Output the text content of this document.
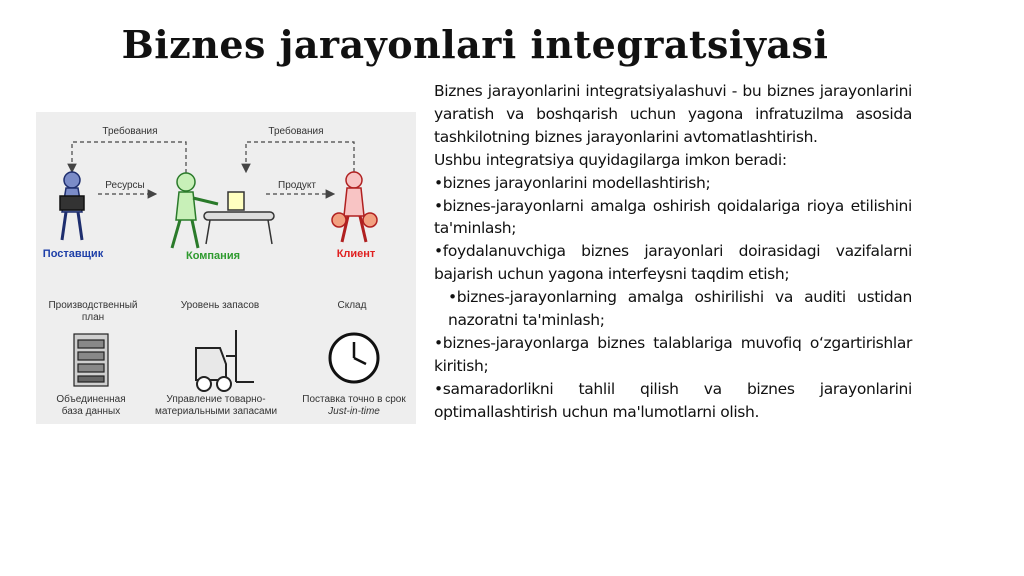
Biznes jarayonlari integratsiyasi
Требования	Требования
Ресурсы	Продукт
Поставщик	Компания	Клиент
Производственный план
Уровень запасов	Склад
Объединенная база данных
Управление товарно-материальными запасами
Поставка точно в срок
Just-in-time

Biznes jarayonlarini integratsiyalashuvi - bu biznes jarayonlarini yaratish va boshqarish uchun yagona infratuzilma asosida tashkilotning biznes jarayonlarini avtomatlashtirish.

Ushbu integratsiya quyidagilarga imkon beradi:

•biznes jarayonlarini modellashtirish;

•biznes-jarayonlarni amalga oshirish qoidalariga rioya etilishini ta'minlash;

•foydalanuvchiga biznes jarayonlari doirasidagi vazifalarni bajarish uchun yagona interfeysni taqdim etish;

•biznes-jarayonlarning amalga oshirilishi va auditi ustidan nazoratni ta'minlash;

•biznes-jarayonlarga biznes talablariga muvofiq oʻzgartirishlar kiritish;

•samaradorlikni tahlil qilish va biznes jarayonlarini optimallashtirish uchun ma'lumotlarni olish.
